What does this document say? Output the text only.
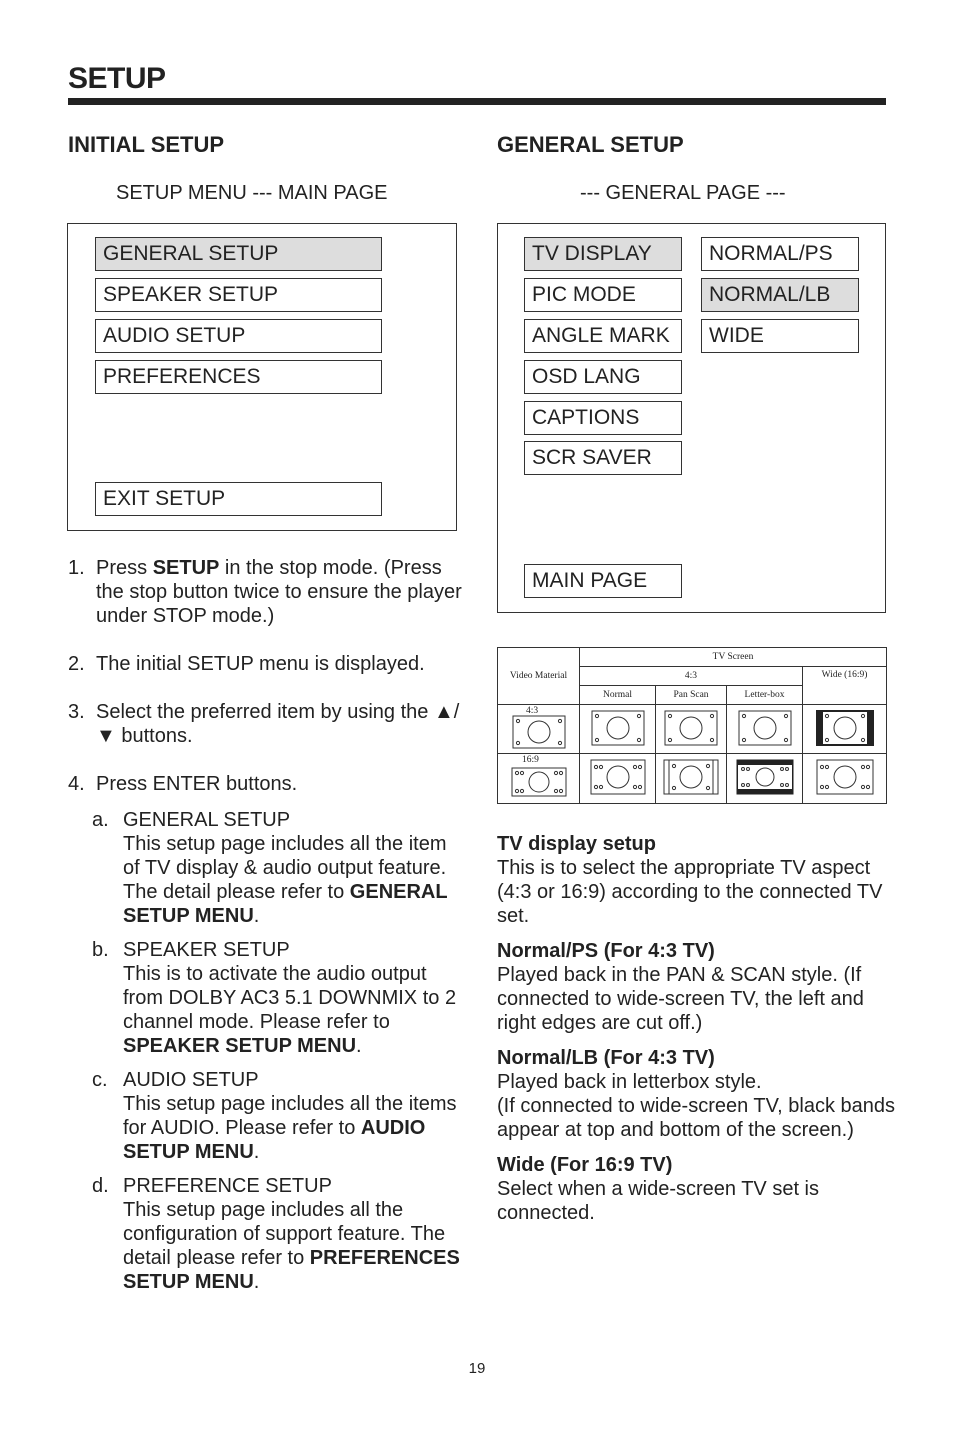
SETUP
INITIAL SETUP
SETUP MENU --- MAIN PAGE
GENERAL SETUP
SPEAKER SETUP
AUDIO SETUP
PREFERENCES
EXIT SETUP
1. Press SETUP in the stop mode. (Press the stop button twice to ensure the player under STOP mode.)
2. The initial SETUP menu is displayed.
3. Select the preferred item by using the ▲/▼ buttons.
4. Press ENTER buttons.
a. GENERAL SETUP
This setup page includes all the item of TV display & audio output feature. The detail please refer to GENERAL SETUP MENU.
b. SPEAKER SETUP
This is to activate the audio output from DOLBY AC3 5.1 DOWNMIX to 2 channel mode. Please refer to SPEAKER SETUP MENU.
c. AUDIO SETUP
This setup page includes all the items for AUDIO. Please refer to AUDIO SETUP MENU.
d. PREFERENCE SETUP
This setup page includes all the configuration of support feature. The detail please refer to PREFERENCES SETUP MENU.
GENERAL SETUP
--- GENERAL PAGE ---
TV DISPLAY
PIC MODE
ANGLE MARK
OSD LANG
CAPTIONS
SCR SAVER
MAIN PAGE
NORMAL/PS
NORMAL/LB
WIDE
Video Material	TV Screen			
	4:3			Wide (16:9)
	Normal	Pan Scan	Letter-box	

4:3

16:9

TV display setup
This is to select the appropriate TV aspect (4:3 or 16:9) according to the connected TV set.

Normal/PS (For 4:3 TV)
Played back in the PAN & SCAN style. (If connected to wide-screen TV, the left and right edges are cut off.)

Normal/LB (For 4:3 TV)
Played back in letterbox style.
(If connected to wide-screen TV, black bands appear at top and bottom of the screen.)

Wide (For 16:9 TV)
Select when a wide-screen TV set is connected.

19
